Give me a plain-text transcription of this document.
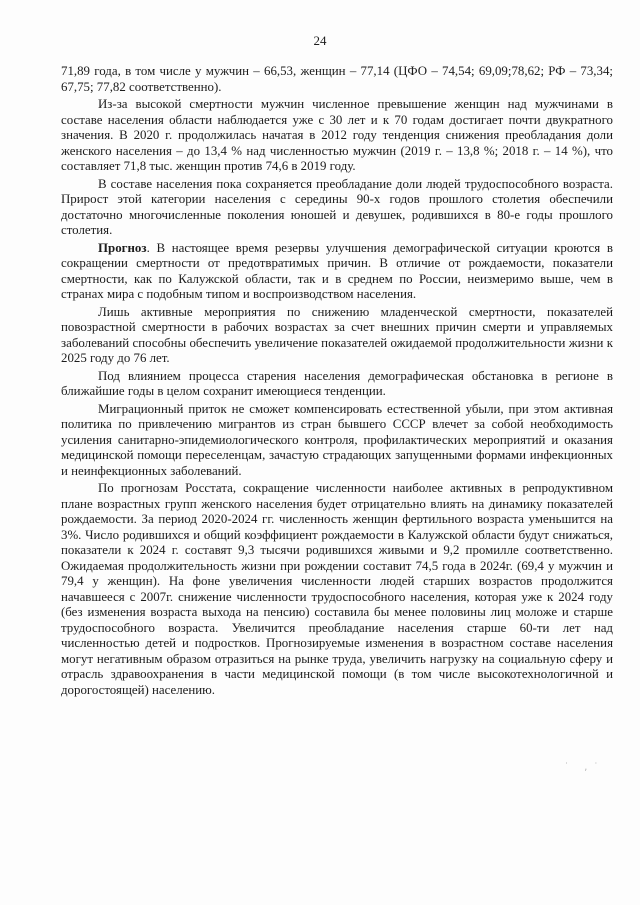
24

71,89 года, в том числе у мужчин – 66,53, женщин – 77,14 (ЦФО – 74,54; 69,09;78,62; РФ – 73,34; 67,75; 77,82 соответственно).

Из-за высокой смертности мужчин численное превышение женщин над мужчинами в составе населения области наблюдается уже с 30 лет и к 70 годам достигает почти двукратного значения. В 2020 г. продолжилась начатая в 2012 году тенденция снижения преобладания доли женского населения – до 13,4 % над численностью мужчин (2019 г. – 13,8 %; 2018 г. – 14 %), что составляет 71,8 тыс. женщин против 74,6 в 2019 году.

В составе населения пока сохраняется преобладание доли людей трудоспособного возраста. Прирост этой категории населения с середины 90-х годов прошлого столетия обеспечили достаточно многочисленные поколения юношей и девушек, родившихся в 80-е годы прошлого столетия.

Прогноз. В настоящее время резервы улучшения демографической ситуации кроются в сокращении смертности от предотвратимых причин. В отличие от рождаемости, показатели смертности, как по Калужской области, так и в среднем по России, неизмеримо выше, чем в странах мира с подобным типом и воспроизводством населения.

Лишь активные мероприятия по снижению младенческой смертности, показателей повозрастной смертности в рабочих возрастах за счет внешних причин смерти и управляемых заболеваний способны обеспечить увеличение показателей ожидаемой продолжительности жизни к 2025 году до 76 лет.

Под влиянием процесса старения населения демографическая обстановка в регионе в ближайшие годы в целом сохранит имеющиеся тенденции.

Миграционный приток не сможет компенсировать естественной убыли, при этом активная политика по привлечению мигрантов из стран бывшего СССР влечет за собой необходимость усиления санитарно-эпидемиологического контроля, профилактических мероприятий и оказания медицинской помощи переселенцам, зачастую страдающих запущенными формами инфекционных и неинфекционных заболеваний.

По прогнозам Росстата, сокращение численности наиболее активных в репродуктивном плане возрастных групп женского населения будет отрицательно влиять на динамику показателей рождаемости. За период 2020-2024 гг. численность женщин фертильного возраста уменьшится на 3%. Число родившихся и общий коэффициент рождаемости в Калужской области будут снижаться, показатели к 2024 г. составят 9,3 тысячи родившихся живыми и 9,2 промилле соответственно. Ожидаемая продолжительность жизни при рождении составит 74,5 года в 2024г. (69,4 у мужчин и 79,4 у женщин). На фоне увеличения численности людей старших возрастов продолжится начавшееся с 2007г. снижение численности трудоспособного населения, которая уже к 2024 году (без изменения возраста выхода на пенсию) составила бы менее половины лиц моложе и старше трудоспособного возраста. Увеличится преобладание населения старше 60-ти лет над численностью детей и подростков. Прогнозируемые изменения в возрастном составе населения могут негативным образом отразиться на рынке труда, увеличить нагрузку на социальную сферу и отрасль здравоохранения в части медицинской помощи (в том числе высокотехнологичной и дорогостоящей) населению.

˙ ‚˙
